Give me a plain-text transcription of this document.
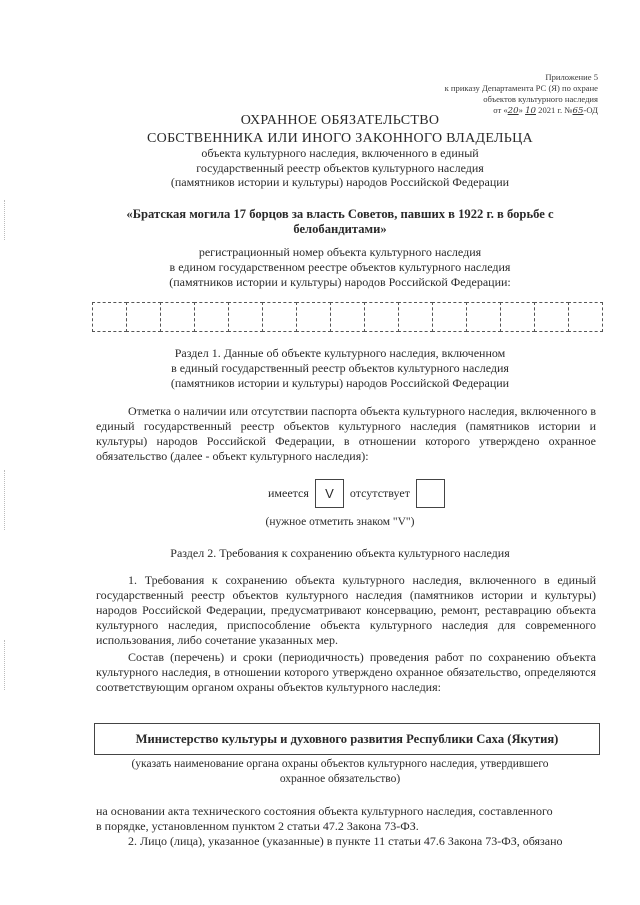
Приложение 5
к приказу Департамента РС (Я) по охране
объектов культурного наследия
от «20» 10 2021 г. №65-ОД
ОХРАННОЕ ОБЯЗАТЕЛЬСТВО
СОБСТВЕННИКА ИЛИ ИНОГО ЗАКОННОГО ВЛАДЕЛЬЦА
объекта культурного наследия, включенного в единый
государственный реестр объектов культурного наследия
(памятников истории и культуры) народов Российской Федерации
«Братская могила 17 борцов за власть Советов, павших в 1922 г. в борьбе с
белобандитами»
регистрационный номер объекта культурного наследия
в едином государственном реестре объектов культурного наследия
(памятников истории и культуры) народов Российской Федерации:
Раздел 1. Данные об объекте культурного наследия, включенном
в единый государственный реестр объектов культурного наследия
(памятников истории и культуры) народов Российской Федерации
Отметка о наличии или отсутствии паспорта объекта культурного наследия, включенного в единый государственный реестр объектов культурного наследия (памятников истории и культуры) народов Российской Федерации, в отношении которого утверждено охранное обязательство (далее - объект культурного наследия):
имеется	V	отсутствует
(нужное отметить знаком "V")
Раздел 2. Требования к сохранению объекта культурного наследия
1. Требования к сохранению объекта культурного наследия, включенного в единый государственный реестр объектов культурного наследия (памятников истории и культуры) народов Российской Федерации, предусматривают консервацию, ремонт, реставрацию объекта культурного наследия, приспособление объекта культурного наследия для современного использования, либо сочетание указанных мер.
Состав (перечень) и сроки (периодичность) проведения работ по сохранению объекта культурного наследия, в отношении которого утверждено охранное обязательство, определяются соответствующим органом охраны объектов культурного наследия:
Министерство культуры и духовного развития Республики Саха (Якутия)
(указать наименование органа охраны объектов культурного наследия, утвердившего
охранное обязательство)
на основании акта технического состояния объекта культурного наследия, составленного
в порядке, установленном пунктом 2 статьи 47.2 Закона 73-ФЗ.
2. Лицо (лица), указанное (указанные) в пункте 11 статьи 47.6 Закона 73-ФЗ, обязано
